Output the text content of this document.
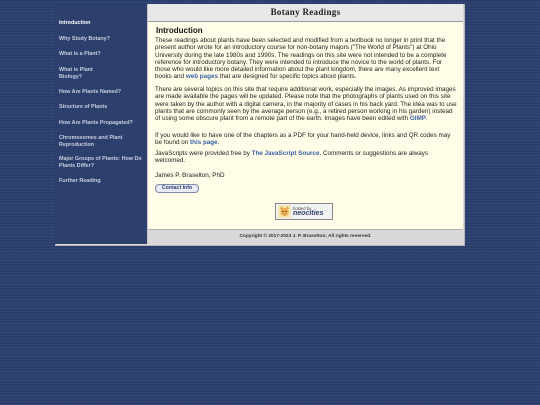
Introduction
Why Study Botany?
What is a Plant?
What is Plant
Biology?
How Are Plants Named?
Structure of Plants
How Are Plants Propagated?
Chromosomes and Plant Reproduction
Major Groups of Plants: How Do Plants Differ?
Further Reading
Botany Readings
Introduction

These readings about plants have been selected and modified from a textbook no longer in print that the present author wrote for an introductory course for non-botany majors ("The World of Plants") at Ohio University during the late 1980s and 1990s. The readings on this site were not intended to be a complete reference for introductory botany. They were intended to introduce the novice to the world of plants. For those who would like more detailed information about the plant kingdom, there are many excellent text books and web pages that are designed for specific topics about plants.

There are several topics on this site that require additional work, especially the images. As improved images are made available the pages will be updated. Please note that the photographs of plants used on this site were taken by the author with a digital camera, in the majority of cases in his back yard. The idea was to use plants that are commonly seen by the average person (e.g., a retired person working in his garden) instead of using some obscure plant from a remote part of the earth. Images have been edited with GIMP.

If you would like to have one of the chapters as a PDF for your hand-held device, links and QR codes may be found on this page.

JavaScripts were provided free by The JavaScript Source. Comments or suggestions are always welcomed.

James P. Braselton, PhD

Contact Info
hosted by
neocities
Copyright © 2017-2023 J. P. Braselton; All rights reserved.
